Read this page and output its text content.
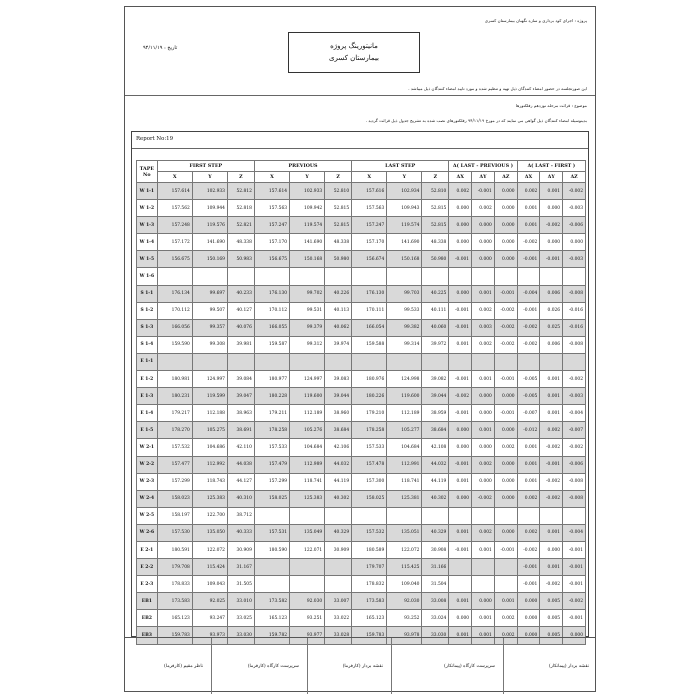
پروژه : اجرای کود برداری و سازه نگهبان بیمارستان کسری
مانیتورینگ پروژه
بیمارستان کسری
تاریخ : ۹۴/۱۱/۱۹
این صورتجلسه در حضور امضاء کنندگان ذیل تهیه و تنظیم شده و مورد تایید امضاء کنندگان ذیل میباشد .
موضوع : قرائت مرحله نوزدهم رفلکتورها
بدینوسیله امضاء کنندگان ذیل گواهی می نمایند که در مورخ ۹۴/۱۱/۱۹ رفلکتورهای نصب شده به تشریح جدول ذیل قرائت گردید .
Report No:19
TAPE
No	FIRST STEP			PREVIOUS			LAST STEP			Δ( LAST - PREVIOUS )			Δ( LAST - FIRST )		
	X	Y	Z	X	Y	Z	X	Y	Z	ΔX	ΔY	ΔZ	ΔX	ΔY	ΔZ
W 1-1	157.614	102.933	52.812	157.614	102.933	52.810	157.616	102.934	52.810	0.002	-0.001	0.000	0.002	0.001	-0.002
W 1-2	157.562	109.944	52.818	157.563	109.942	52.815	157.563	109.943	52.815	0.000	0.002	0.000	0.001	0.000	-0.003
W 1-3	157.248	119.576	52.821	157.247	119.574	52.815	157.247	119.574	52.815	0.000	0.000	0.000	0.001	-0.002	-0.006
W 1-4	157.172	141.690	48.338	157.170	141.690	48.338	157.170	141.690	48.338	0.000	0.000	0.000	-0.002	0.000	0.000
W 1-5	156.675	150.169	50.983	156.675	150.168	50.980	156.674	150.168	50.980	-0.001	0.000	0.000	-0.001	-0.001	-0.003
W 1-6															
S 1-1	176.134	99.697	40.233	176.130	99.702	40.226	176.130	99.703	40.225	0.000	0.001	-0.001	-0.004	0.006	-0.008
S 1-2	170.112	99.507	40.127	170.112	99.531	40.113	170.111	99.533	40.111	-0.001	0.002	-0.002	-0.001	0.026	-0.016
S 1-3	166.056	99.357	40.076	166.055	99.379	40.062	166.054	99.382	40.060	-0.001	0.003	-0.002	-0.002	0.025	-0.016
S 1-4	159.590	99.308	39.981	159.587	99.312	39.974	159.588	99.314	39.972	0.001	0.002	-0.002	-0.002	0.006	-0.008
E 1-1															
E 1-2	180.981	124.997	39.084	180.977	124.997	39.083	180.976	124.998	39.082	-0.001	0.001	-0.001	-0.005	0.001	-0.002
E 1-3	180.231	119.599	39.047	180.228	119.600	39.044	180.226	119.600	39.044	-0.002	0.000	0.000	-0.005	0.001	-0.003
E 1-4	179.217	112.188	38.963	179.211	112.189	38.960	179.210	112.189	38.959	-0.001	0.000	-0.001	-0.007	0.001	-0.004
E 1-5	178.270	105.275	38.691	178.258	105.276	38.684	178.258	105.277	38.684	0.000	0.001	0.000	-0.012	0.002	-0.007
W 2-1	157.532	104.686	42.110	157.533	104.684	42.106	157.533	104.684	42.108	0.000	0.000	0.002	0.001	-0.002	-0.002
W 2-2	157.477	112.992	44.038	157.479	112.989	44.032	157.478	112.991	44.032	-0.001	0.002	0.000	0.001	-0.001	-0.006
W 2-3	157.299	118.743	44.127	157.299	118.741	44.119	157.300	118.741	44.119	0.001	0.000	0.000	0.001	-0.002	-0.008
W 2-4	158.023	125.383	40.310	158.025	125.383	40.302	158.025	125.381	40.302	0.000	-0.002	0.000	0.002	-0.002	-0.008
W 2-5	158.197	122.700	38.712												
W 2-6	157.530	135.050	40.333	157.531	135.049	40.329	157.532	135.051	40.329	0.001	0.002	0.000	0.002	0.001	-0.004
E 2-1	180.591	122.072	30.909	180.590	122.071	30.909	180.589	122.072	30.908	-0.001	0.001	-0.001	-0.002	0.000	-0.001
E 2-2	179.708	115.424	31.167				179.707	115.425	31.166				-0.001	0.001	-0.001
E 2-3	178.833	109.043	31.505				178.832	109.040	31.504				-0.001	-0.002	-0.001
EB1	173.583	92.025	33.010	173.582	92.030	33.007	173.583	92.030	33.008	0.001	0.000	0.001	0.000	0.005	-0.002
EB2	165.123	93.247	33.025	165.123	93.251	33.022	165.123	93.252	33.024	0.000	0.001	0.002	0.000	0.005	-0.001
EB3	159.783	93.973	33.030	159.782	93.977	33.028	159.783	93.978	33.030	0.001	0.001	0.002	0.000	0.005	0.000
ناظر مقیم (کارفرما)	سرپرست کارگاه (کارفرما)	نقشه بردار (کارفرما)	سرپرست کارگاه (پیمانکار)	نقشه بردار (پیمانکار)
